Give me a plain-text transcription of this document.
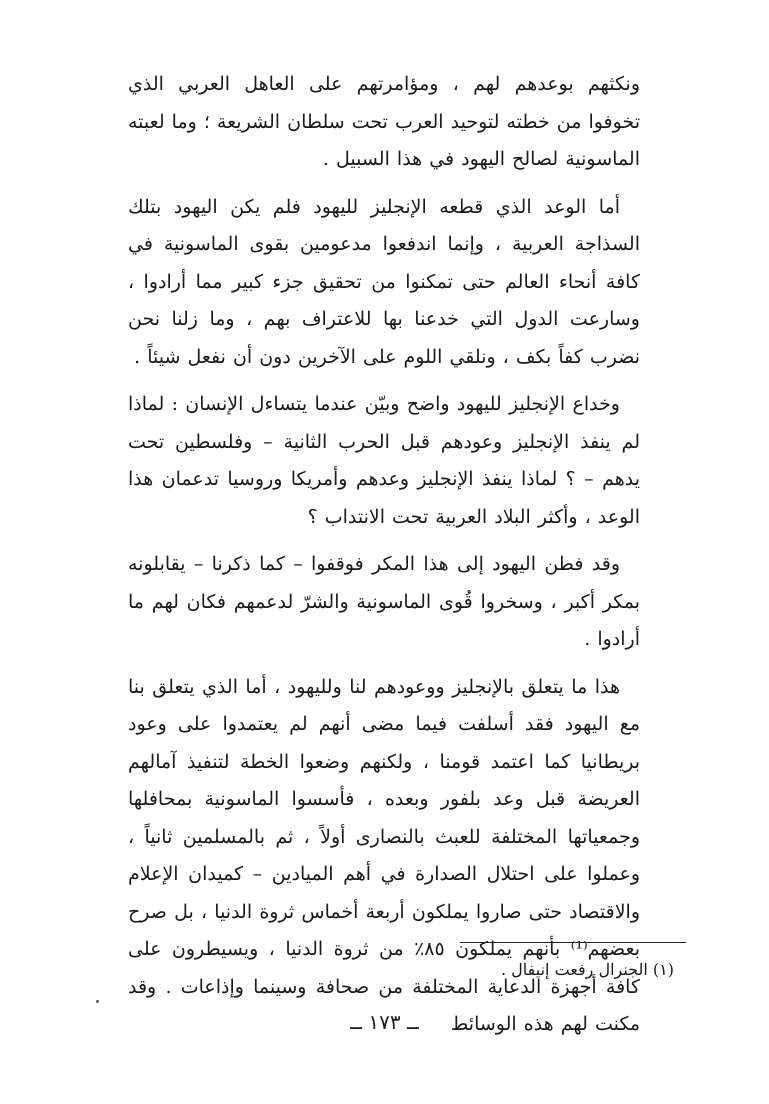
ونكثهم بوعدهم لهم ، ومؤامرتهم على العاهل العربي الذي تخوفوا من خطته لتوحيد العرب تحت سلطان الشريعة ؛ وما لعبته الماسونية لصالح اليهود في هذا السبيل .

أما الوعد الذي قطعه الإنجليز لليهود فلم يكن اليهود بتلك السذاجة العربية ، وإنما اندفعوا مدعومين بقوى الماسونية في كافة أنحاء العالم حتى تمكنوا من تحقيق جزء كبير مما أرادوا ، وسارعت الدول التي خدعنا بها للاعتراف بهم ، وما زلنا نحن نضرب كفاً بكف ، ونلقي اللوم على الآخرين دون أن نفعل شيئاً .

وخداع الإنجليز لليهود واضح وبيّن عندما يتساءل الإنسان : لماذا لم ينفذ الإنجليز وعودهم قبل الحرب الثانية – وفلسطين تحت يدهم – ؟ لماذا ينفذ الإنجليز وعدهم وأمريكا وروسيا تدعمان هذا الوعد ، وأكثر البلاد العربية تحت الانتداب ؟

وقد فطن اليهود إلى هذا المكر فوقفوا – كما ذكرنا – يقابلونه بمكر أكبر ، وسخروا قُوى الماسونية والشرّ لدعمهم فكان لهم ما أرادوا .

هذا ما يتعلق بالإنجليز ووعودهم لنا ولليهود ، أما الذي يتعلق بنا مع اليهود فقد أسلفت فيما مضى أنهم لم يعتمدوا على وعود بريطانيا كما اعتمد قومنا ، ولكنهم وضعوا الخطة لتنفيذ آمالهم العريضة قبل وعد بلفور وبعده ، فأسسوا الماسونية بمحافلها وجمعياتها المختلفة للعبث بالنصارى أولاً ، ثم بالمسلمين ثانياً ، وعملوا على احتلال الصدارة في أهم الميادين – كميدان الإعلام والاقتصاد حتى صاروا يملكون أربعة أخماس ثروة الدنيا ، بل صرح بعضهم⁽¹⁾ بأنهم يملكون ٨٥٪ من ثروة الدنيا ، ويسيطرون على كافة أجهزة الدعاية المختلفة من صحافة وسينما وإذاعات . وقد مكنت لهم هذه الوسائط

(١) الجنرال رفعت إنيفال .
ــ ١٧٣ ــ
